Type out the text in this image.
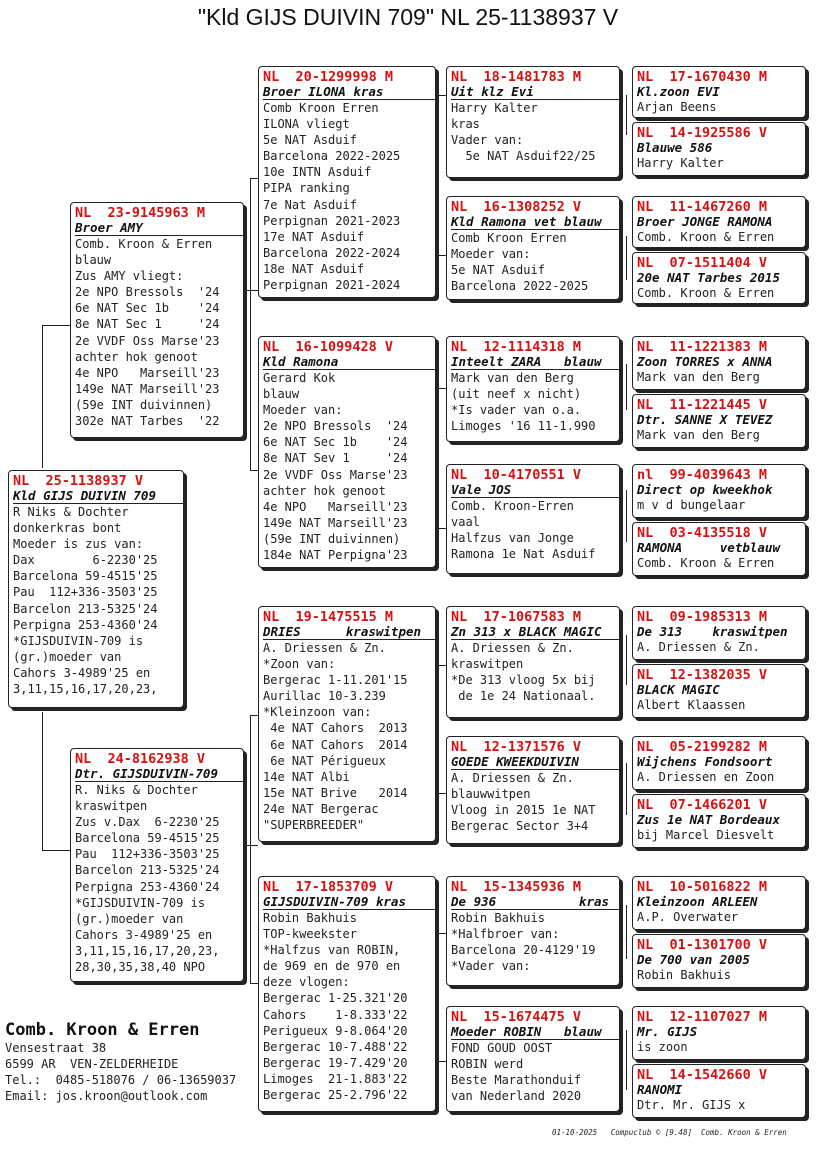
"Kld GIJS DUIVIN 709" NL 25-1138937 V
NL  25-1138937 V
Kld GIJS DUIVIN 709
R Niks & Dochter
donkerkras bont
Moeder is zus van:
Dax        6-2230'25
Barcelona 59-4515'25
Pau  112+336-3503'25
Barcelon 213-5325'24
Perpigna 253-4360'24
*GIJSDUIVIN-709 is
(gr.)moeder van
Cahors 3-4989'25 en
3,11,15,16,17,20,23,
NL  23-9145963 M
Broer AMY
Comb. Kroon & Erren
blauw
Zus AMY vliegt:
2e NPO Bressols  '24
6e NAT Sec 1b    '24
8e NAT Sec 1     '24
2e VVDF Oss Marse'23
achter hok genoot
4e NPO   Marseill'23
149e NAT Marseill'23
(59e INT duivinnen)
302e NAT Tarbes  '22
NL  24-8162938 V
Dtr. GIJSDUIVIN-709
R. Niks & Dochter
kraswitpen
Zus v.Dax  6-2230'25
Barcelona 59-4515'25
Pau  112+336-3503'25
Barcelon 213-5325'24
Perpigna 253-4360'24
*GIJSDUIVIN-709 is
(gr.)moeder van
Cahors 3-4989'25 en
3,11,15,16,17,20,23,
28,30,35,38,40 NPO
NL  20-1299998 M
Broer ILONA kras
Comb Kroon Erren
ILONA vliegt
5e NAT Asduif
Barcelona 2022-2025
10e INTN Asduif
PIPA ranking
7e Nat Asduif
Perpignan 2021-2023
17e NAT Asduif
Barcelona 2022-2024
18e NAT Asduif
Perpignan 2021-2024
NL  16-1099428 V
Kld Ramona
Gerard Kok
blauw
Moeder van:
2e NPO Bressols  '24
6e NAT Sec 1b    '24
8e NAT Sev 1     '24
2e VVDF Oss Marse'23
achter hok genoot
4e NPO   Marseill'23
149e NAT Marseill'23
(59e INT duivinnen)
184e NAT Perpigna'23
NL  19-1475515 M
DRIES      kraswitpen
A. Driessen & Zn.
*Zoon van:
Bergerac 1-11.201'15
Aurillac 10-3.239
*Kleinzoon van:
4e NAT Cahors  2013
6e NAT Cahors  2014
6e NAT Périgueux
14e NAT Albi
15e NAT Brive   2014
24e NAT Bergerac
"SUPERBREEDER"
NL  17-1853709 V
GIJSDUIVIN-709 kras
Robin Bakhuis
TOP-kweekster
*Halfzus van ROBIN,
de 969 en de 970 en
deze vlogen:
Bergerac 1-25.321'20
Cahors    1-8.333'22
Perigueux 9-8.064'20
Bergerac 10-7.488'22
Bergerac 19-7.429'20
Limoges  21-1.883'22
Bergerac 25-2.796'22
NL  18-1481783 M
Uit klz Evi
Harry Kalter
kras
Vader van:
5e NAT Asduif22/25
NL  16-1308252 V
Kld Ramona vet blauw
Comb Kroon Erren
Moeder van:
5e NAT Asduif
Barcelona 2022-2025
NL  12-1114318 M
Inteelt ZARA   blauw
Mark van den Berg
(uit neef x nicht)
*Is vader van o.a.
Limoges '16 11-1.990
NL  10-4170551 V
Vale JOS
Comb. Kroon-Erren
vaal
Halfzus van Jonge
Ramona 1e Nat Asduif
NL  17-1067583 M
Zn 313 x BLACK MAGIC
A. Driessen & Zn.
kraswitpen
*De 313 vloog 5x bij
de 1e 24 Nationaal.
NL  12-1371576 V
GOEDE KWEEKDUIVIN
A. Driessen & Zn.
blauwwitpen
Vloog in 2015 1e NAT
Bergerac Sector 3+4
NL  15-1345936 M
De 936           kras
Robin Bakhuis
*Halfbroer van:
Barcelona 20-4129'19
*Vader van:
NL  15-1674475 V
Moeder ROBIN   blauw
FOND GOUD OOST
ROBIN werd
Beste Marathonduif
van Nederland 2020
NL  17-1670430 M
Kl.zoon EVI
Arjan Beens
NL  14-1925586 V
Blauwe 586
Harry Kalter
NL  11-1467260 M
Broer JONGE RAMONA
Comb. Kroon & Erren
NL  07-1511404 V
20e NAT Tarbes 2015
Comb. Kroon & Erren
NL  11-1221383 M
Zoon TORRES x ANNA
Mark van den Berg
NL  11-1221445 V
Dtr. SANNE X TEVEZ
Mark van den Berg
nl  99-4039643 M
Direct op kweekhok
m v d bungelaar
NL  03-4135518 V
RAMONA     vetblauw
Comb. Kroon & Erren
NL  09-1985313 M
De 313    kraswitpen
A. Driessen & Zn.
NL  12-1382035 V
BLACK MAGIC
Albert Klaassen
NL  05-2199282 M
Wijchens Fondsoort
A. Driessen en Zoon
NL  07-1466201 V
Zus 1e NAT Bordeaux
bij Marcel Diesvelt
NL  10-5016822 M
Kleinzoon ARLEEN
A.P. Overwater
NL  01-1301700 V
De 700 van 2005
Robin Bakhuis
NL  12-1107027 M
Mr. GIJS
is zoon
NL  14-1542660 V
RANOMI
Dtr. Mr. GIJS x
Comb. Kroon & Erren
Vensestraat 38
6599 AR  VEN-ZELDERHEIDE
Tel.:  0485-518076 / 06-13659037
Email: jos.kroon@outlook.com
01-10-2025   Compuclub © [9.48]  Comb. Kroon & Erren
